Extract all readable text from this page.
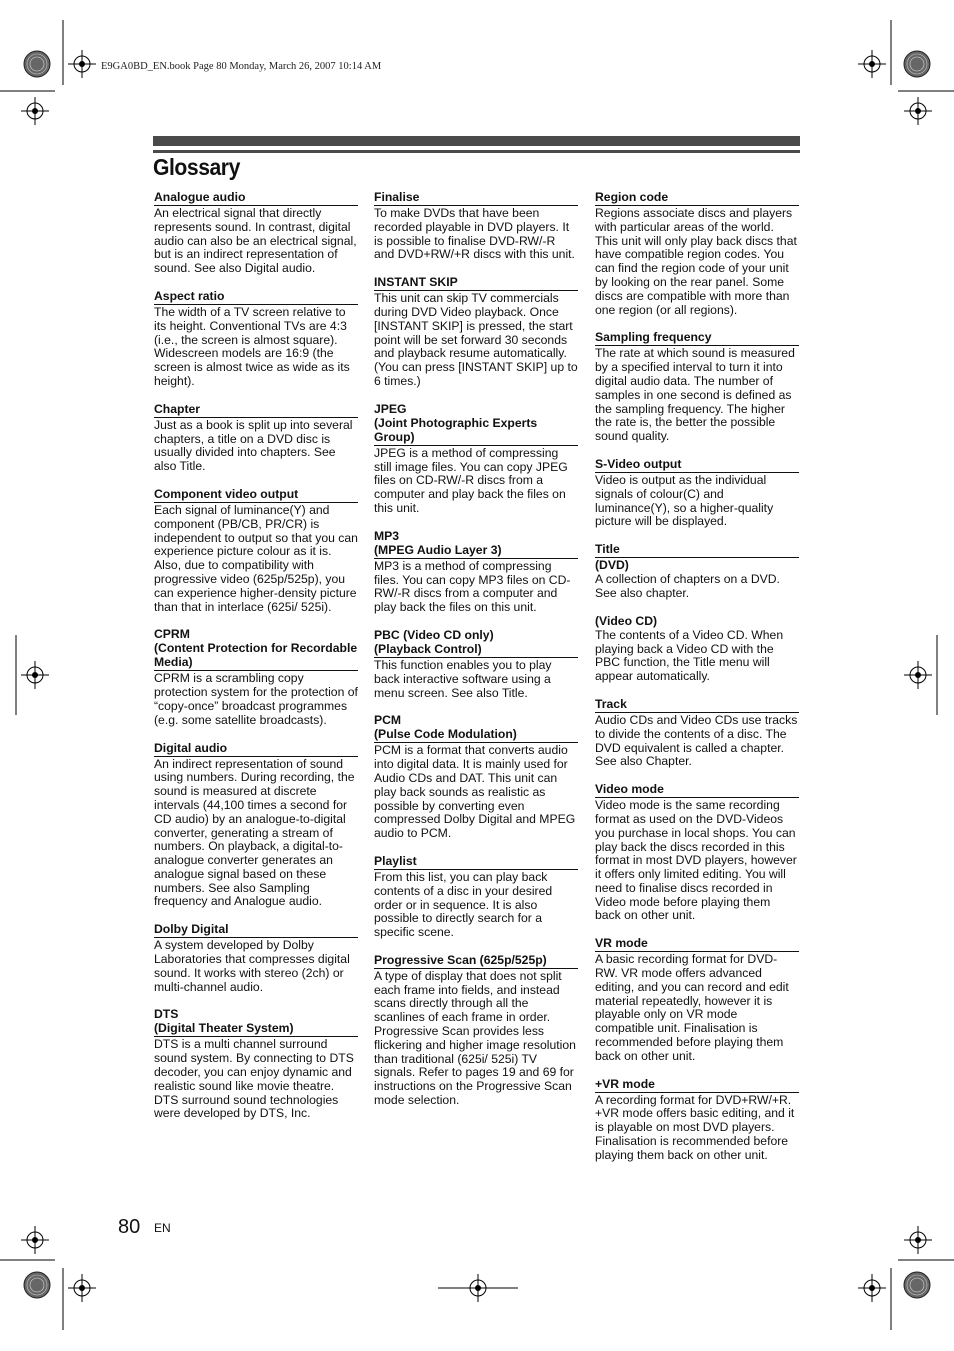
E9GA0BD_EN.book Page 80 Monday, March 26, 2007 10:14 AM
Glossary
Analogue audio
An electrical signal that directly represents sound. In contrast, digital audio can also be an electrical signal, but is an indirect representation of sound. See also Digital audio.
Aspect ratio
The width of a TV screen relative to its height. Conventional TVs are 4:3 (i.e., the screen is almost square). Widescreen models are 16:9 (the screen is almost twice as wide as its height).
Chapter
Just as a book is split up into several chapters, a title on a DVD disc is usually divided into chapters. See also Title.
Component video output
Each signal of luminance(Y) and component (PB/CB, PR/CR) is independent to output so that you can experience picture colour as it is.
Also, due to compatibility with progressive video (625p/525p), you can experience higher-density picture than that in interlace (625i/ 525i).
CPRM
(Content Protection for Recordable Media)
CPRM is a scrambling copy protection system for the protection of “copy-once” broadcast programmes (e.g. some satellite broadcasts).
Digital audio
An indirect representation of sound using numbers. During recording, the sound is measured at discrete intervals (44,100 times a second for CD audio) by an analogue-to-digital converter, generating a stream of numbers. On playback, a digital-to-analogue converter generates an analogue signal based on these numbers. See also Sampling frequency and Analogue audio.
Dolby Digital
A system developed by Dolby Laboratories that compresses digital sound. It works with stereo (2ch) or multi-channel audio.
DTS
(Digital Theater System)
DTS is a multi channel surround sound system. By connecting to DTS decoder, you can enjoy dynamic and realistic sound like movie theatre. DTS surround sound technologies were developed by DTS, Inc.
Finalise
To make DVDs that have been recorded playable in DVD players. It is possible to finalise DVD-RW/-R and DVD+RW/+R discs with this unit.
INSTANT SKIP
This unit can skip TV commercials during DVD Video playback. Once [INSTANT SKIP] is pressed, the start point will be set forward 30 seconds and playback resume automatically. (You can press [INSTANT SKIP] up to 6 times.)
JPEG
(Joint Photographic Experts Group)
JPEG is a method of compressing still image files. You can copy JPEG files on CD-RW/-R discs from a computer and play back the files on this unit.
MP3
(MPEG Audio Layer 3)
MP3 is a method of compressing files. You can copy MP3 files on CD-RW/-R discs from a computer and play back the files on this unit.
PBC (Video CD only)
(Playback Control)
This function enables you to play back interactive software using a menu screen. See also Title.
PCM
(Pulse Code Modulation)
PCM is a format that converts audio into digital data. It is mainly used for Audio CDs and DAT. This unit can play back sounds as realistic as possible by converting even compressed Dolby Digital and MPEG audio to PCM.
Playlist
From this list, you can play back contents of a disc in your desired order or in sequence. It is also possible to directly search for a specific scene.
Progressive Scan (625p/525p)
A type of display that does not split each frame into fields, and instead scans directly through all the scanlines of each frame in order. Progressive Scan provides less flickering and higher image resolution than traditional (625i/ 525i) TV signals. Refer to pages 19 and 69 for instructions on the Progressive Scan mode selection.
Region code
Regions associate discs and players with particular areas of the world. This unit will only play back discs that have compatible region codes. You can find the region code of your unit by looking on the rear panel. Some discs are compatible with more than one region (or all regions).
Sampling frequency
The rate at which sound is measured by a specified interval to turn it into digital audio data. The number of samples in one second is defined as the sampling frequency. The higher the rate is, the better the possible sound quality.
S-Video output
Video is output as the individual signals of colour(C) and luminance(Y), so a higher-quality picture will be displayed.
Title
(DVD)
A collection of chapters on a DVD. See also chapter.
(Video CD)
The contents of a Video CD. When playing back a Video CD with the PBC function, the Title menu will appear automatically.
Track
Audio CDs and Video CDs use tracks to divide the contents of a disc. The DVD equivalent is called a chapter. See also Chapter.
Video mode
Video mode is the same recording format as used on the DVD-Videos you purchase in local shops. You can play back the discs recorded in this format in most DVD players, however it offers only limited editing. You will need to finalise discs recorded in Video mode before playing them back on other unit.
VR mode
A basic recording format for DVD-RW. VR mode offers advanced editing, and you can record and edit material repeatedly, however it is playable only on VR mode compatible unit. Finalisation is recommended before playing them back on other unit.
+VR mode
A recording format for DVD+RW/+R. +VR mode offers basic editing, and it is playable on most DVD players. Finalisation is recommended before playing them back on other unit.
80 EN
